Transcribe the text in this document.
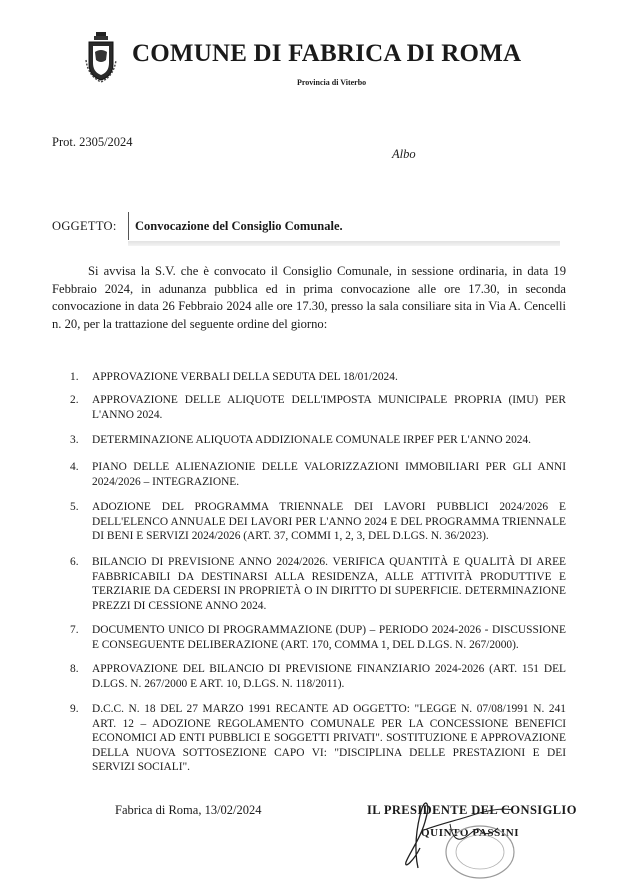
COMUNE DI FABRICA DI ROMA
Provincia di Viterbo
Prot. 2305/2024
Albo
OGGETTO: Convocazione del Consiglio Comunale.

Si avvisa la S.V. che è convocato il Consiglio Comunale, in sessione ordinaria, in data 19 Febbraio 2024, in adunanza pubblica ed in prima convocazione alle ore 17.30, in seconda convocazione in data 26 Febbraio 2024 alle ore 17.30, presso la sala consiliare sita in Via A. Cencelli n. 20, per la trattazione del seguente ordine del giorno:

1. APPROVAZIONE VERBALI DELLA SEDUTA DEL 18/01/2024.
2. APPROVAZIONE DELLE ALIQUOTE DELL'IMPOSTA MUNICIPALE PROPRIA (IMU) PER L'ANNO 2024.
3. DETERMINAZIONE ALIQUOTA ADDIZIONALE COMUNALE IRPEF PER L'ANNO 2024.
4. PIANO DELLE ALIENAZIONIE DELLE VALORIZZAZIONI IMMOBILIARI PER GLI ANNI 2024/2026 – INTEGRAZIONE.
5. ADOZIONE DEL PROGRAMMA TRIENNALE DEI LAVORI PUBBLICI 2024/2026 E DELL'ELENCO ANNUALE DEI LAVORI PER L'ANNO 2024 E DEL PROGRAMMA TRIENNALE DI BENI E SERVIZI 2024/2026 (ART. 37, COMMI 1, 2, 3, DEL D.LGS. N. 36/2023).
6. BILANCIO DI PREVISIONE ANNO 2024/2026. VERIFICA QUANTITÀ E QUALITÀ DI AREE FABBRICABILI DA DESTINARSI ALLA RESIDENZA, ALLE ATTIVITÀ PRODUTTIVE E TERZIARIE DA CEDERSI IN PROPRIETÀ O IN DIRITTO DI SUPERFICIE. DETERMINAZIONE PREZZI DI CESSIONE ANNO 2024.
7. DOCUMENTO UNICO DI PROGRAMMAZIONE (DUP) – PERIODO 2024-2026 - DISCUSSIONE E CONSEGUENTE DELIBERAZIONE (ART. 170, COMMA 1, DEL D.LGS. N. 267/2000).
8. APPROVAZIONE DEL BILANCIO DI PREVISIONE FINANZIARIO 2024-2026 (ART. 151 DEL D.LGS. N. 267/2000 E ART. 10, D.LGS. N. 118/2011).
9. D.C.C. N. 18 DEL 27 MARZO 1991 RECANTE AD OGGETTO: "LEGGE N. 07/08/1991 N. 241 ART. 12 – ADOZIONE REGOLAMENTO COMUNALE PER LA CONCESSIONE BENEFICI ECONOMICI AD ENTI PUBBLICI E SOGGETTI PRIVATI". SOSTITUZIONE E APPROVAZIONE DELLA NUOVA SOTTOSEZIONE CAPO VI: "DISCIPLINA DELLE PRESTAZIONI E DEI SERVIZI SOCIALI".
Fabrica di Roma, 13/02/2024	IL PRESIDENTE DEL CONSIGLIO
QUINTO PASSINI
